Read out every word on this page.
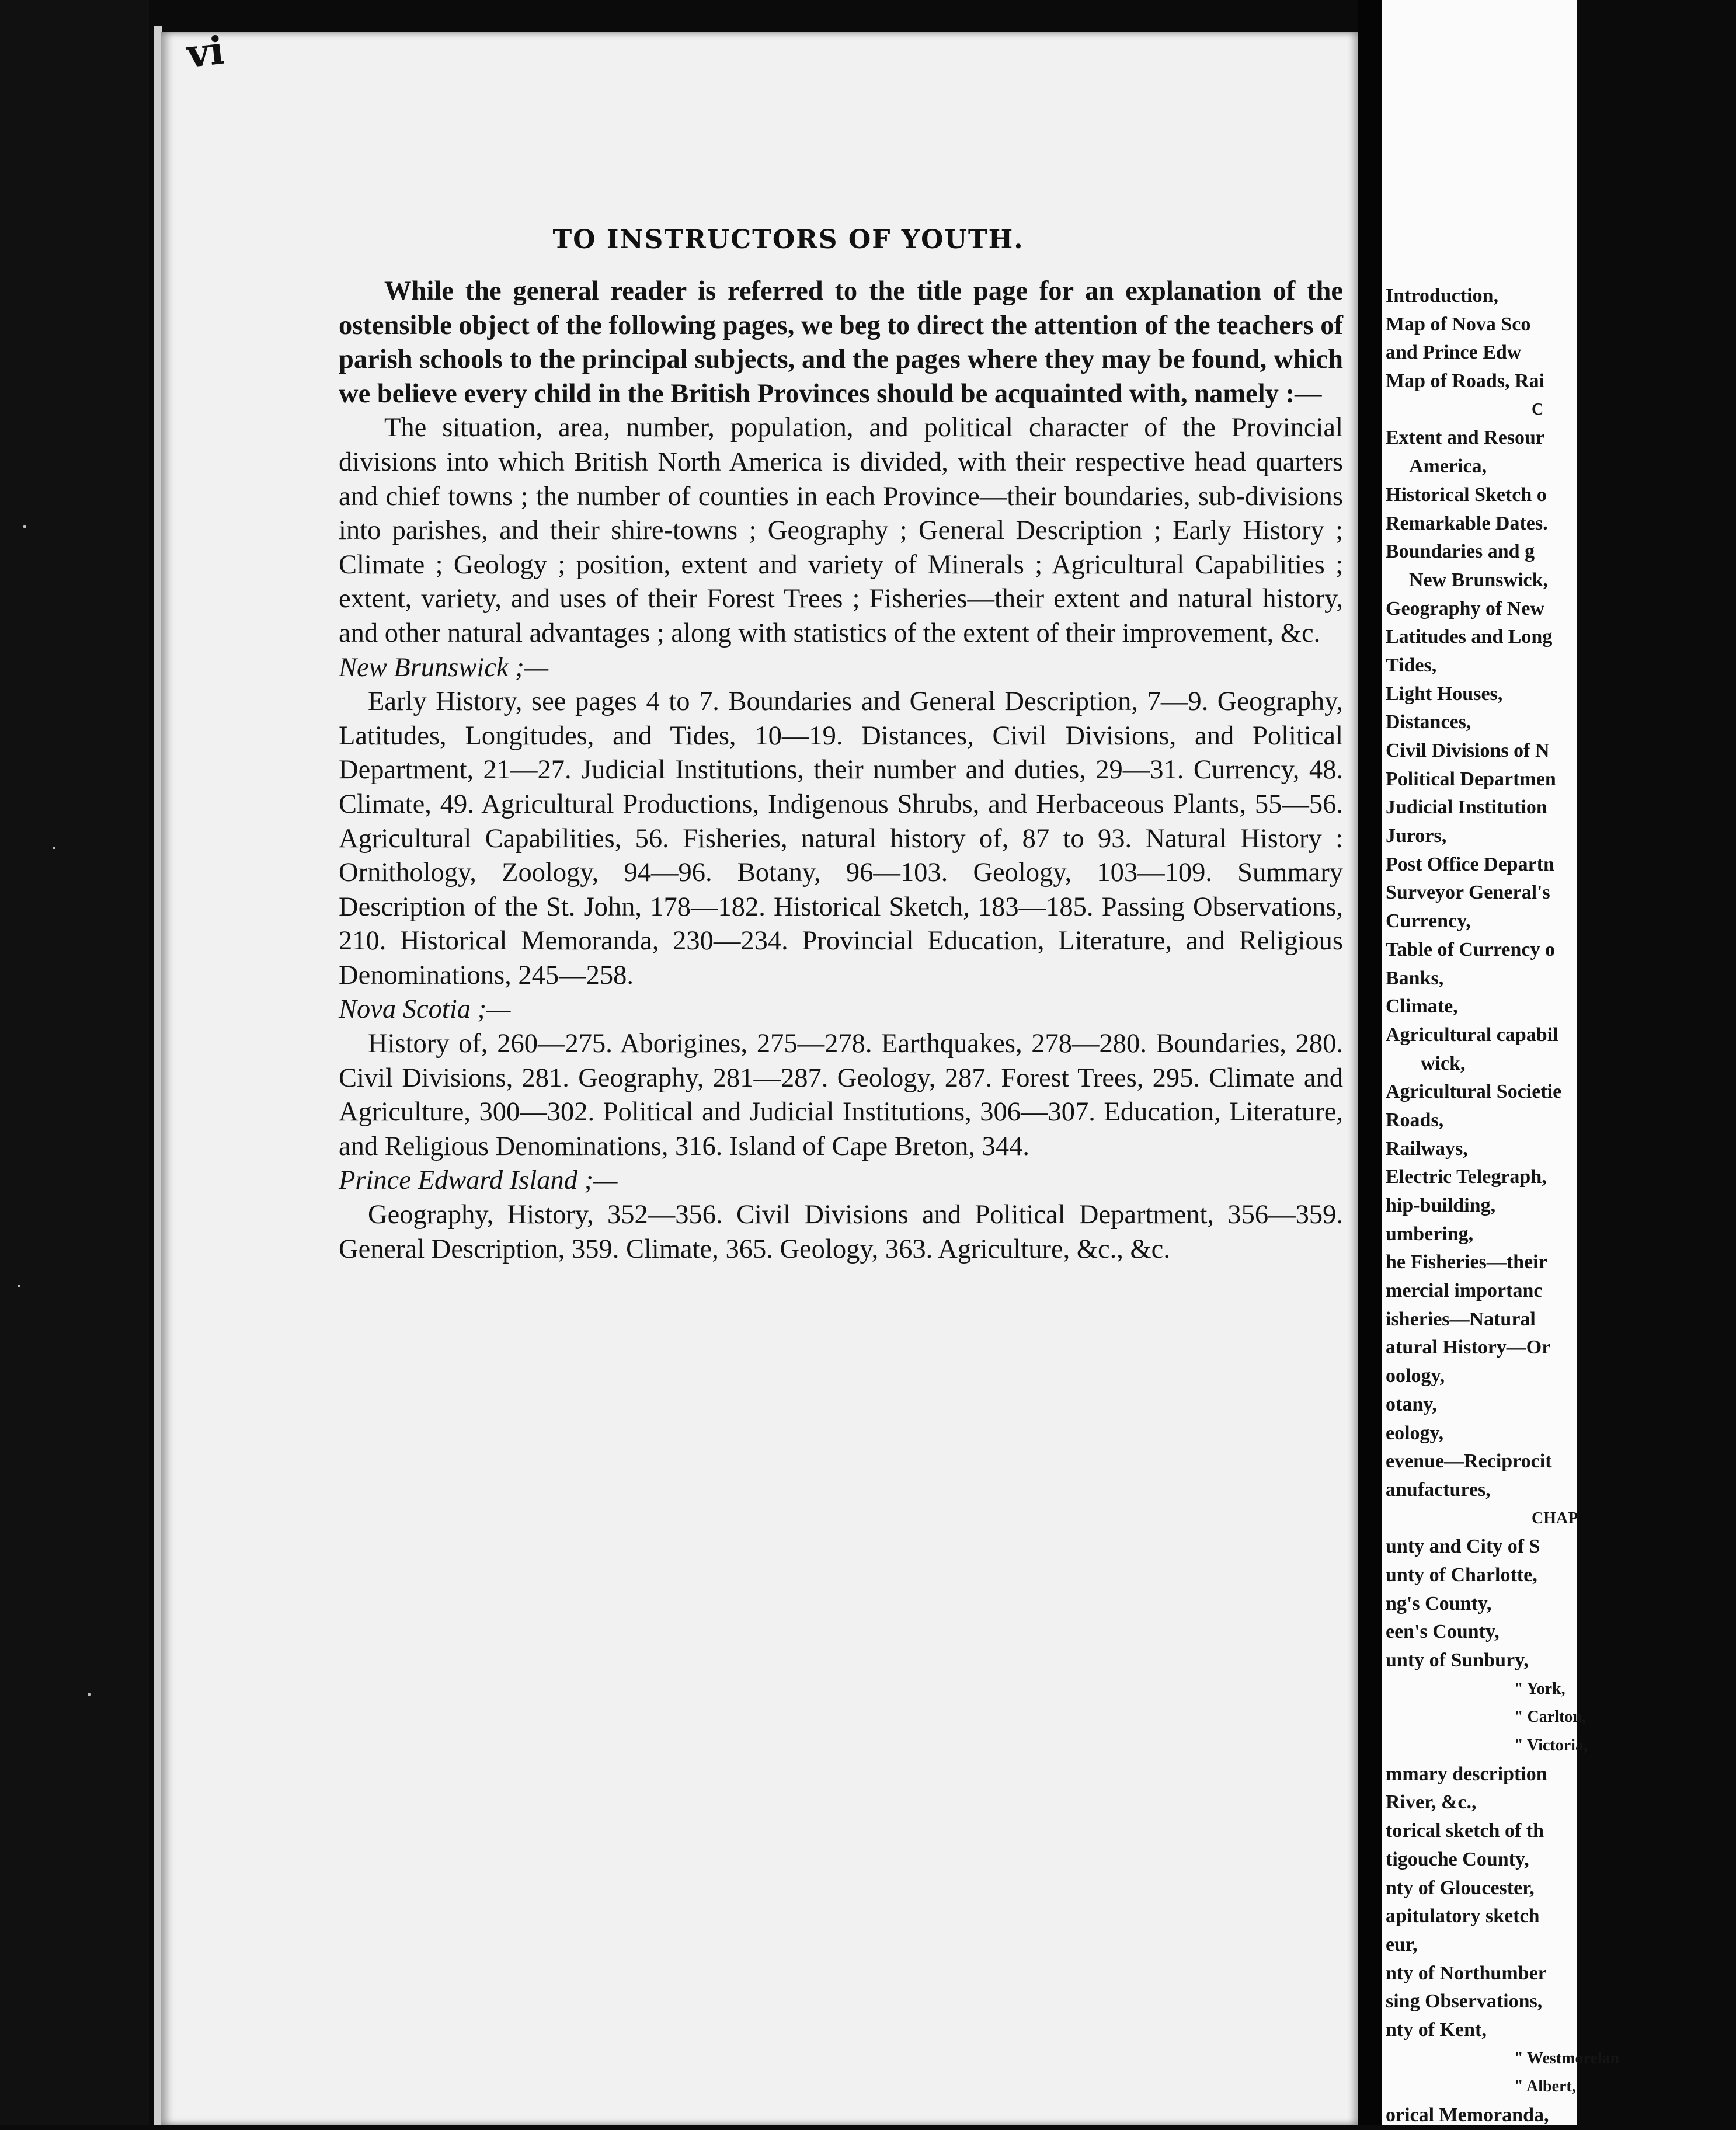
vi
TO INSTRUCTORS OF YOUTH.

While the general reader is referred to the title page for an explanation of the ostensible object of the following pages, we beg to direct the attention of the teachers of parish schools to the principal subjects, and the pages where they may be found, which we believe every child in the British Provinces should be acquainted with, namely :—

The situation, area, number, population, and political character of the Provincial divisions into which British North America is divided, with their respective head quarters and chief towns ; the number of counties in each Province—their boundaries, sub-divisions into parishes, and their shire-towns ; Geography ; General Description ; Early History ; Climate ; Geology ; position, extent and variety of Minerals ; Agricultural Capabilities ; extent, variety, and uses of their Forest Trees ; Fisheries—their extent and natural history, and other natural advantages ; along with statistics of the extent of their improvement, &c.

New Brunswick ;—

Early History, see pages 4 to 7. Boundaries and General Description, 7—9. Geography, Latitudes, Longitudes, and Tides, 10—19. Distances, Civil Divisions, and Political Department, 21—27. Judicial Institutions, their number and duties, 29—31. Currency, 48. Climate, 49. Agricultural Productions, Indigenous Shrubs, and Herbaceous Plants, 55—56. Agricultural Capabilities, 56. Fisheries, natural history of, 87 to 93. Natural History : Ornithology, Zoology, 94—96. Botany, 96—103. Geology, 103—109. Summary Description of the St. John, 178—182. Historical Sketch, 183—185. Passing Observations, 210. Historical Memoranda, 230—234. Provincial Education, Literature, and Religious Denominations, 245—258.

Nova Scotia ;—

History of, 260—275. Aborigines, 275—278. Earthquakes, 278—280. Boundaries, 280. Civil Divisions, 281. Geography, 281—287. Geology, 287. Forest Trees, 295. Climate and Agriculture, 300—302. Political and Judicial Institutions, 306—307. Education, Literature, and Religious Denominations, 316. Island of Cape Breton, 344.

Prince Edward Island ;—

Geography, History, 352—356. Civil Divisions and Political Department, 356—359. General Description, 359. Climate, 365. Geology, 363. Agriculture, &c., &c.

Introduction,
Map of Nova Sco
and Prince Edw
Map of Roads, Rai
C
Extent and Resour
America,
Historical Sketch o
Remarkable Dates.
Boundaries and g
New Brunswick,
Geography of New
Latitudes and Long
Tides,
Light Houses,
Distances,
Civil Divisions of N
Political Departmen
Judicial Institution
Jurors,
Post Office Departn
Surveyor General's
Currency,
Table of Currency o
Banks,
Climate,
Agricultural capabil
wick,
Agricultural Societie
Roads,
Railways,
Electric Telegraph,
hip-building,
umbering,
he Fisheries—their
mercial importanc
isheries—Natural
atural History—Or
oology,
otany,
eology,
evenue—Reciprocit
anufactures,
CHAP
unty and City of S
unty of Charlotte,
ng's County,
een's County,
unty of Sunbury,
" York,
" Carlton,
" Victoria,
mmary description
River, &c.,
torical sketch of th
tigouche County,
nty of Gloucester,
apitulatory sketch
eur,
nty of Northumber
sing Observations,
nty of Kent,
" Westmorelan
" Albert,
orical Memoranda,
